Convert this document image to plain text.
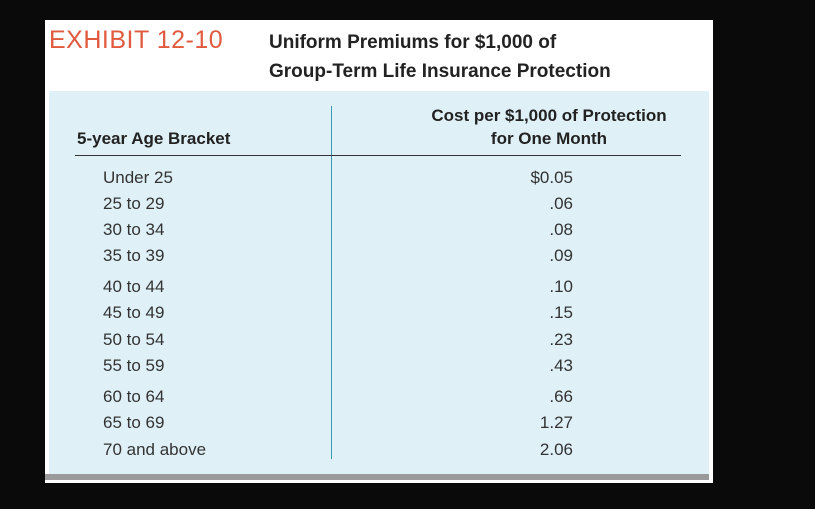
EXHIBIT 12-10 Uniform Premiums for $1,000 of
Group-Term Life Insurance Protection
5-year Age Bracket
Cost per $1,000 of Protection
for One Month
Under 25	$0.05
25 to 29	.06
30 to 34	.08
35 to 39	.09
40 to 44	.10
45 to 49	.15
50 to 54	.23
55 to 59	.43
60 to 64	.66
65 to 69	1.27
70 and above	2.06
